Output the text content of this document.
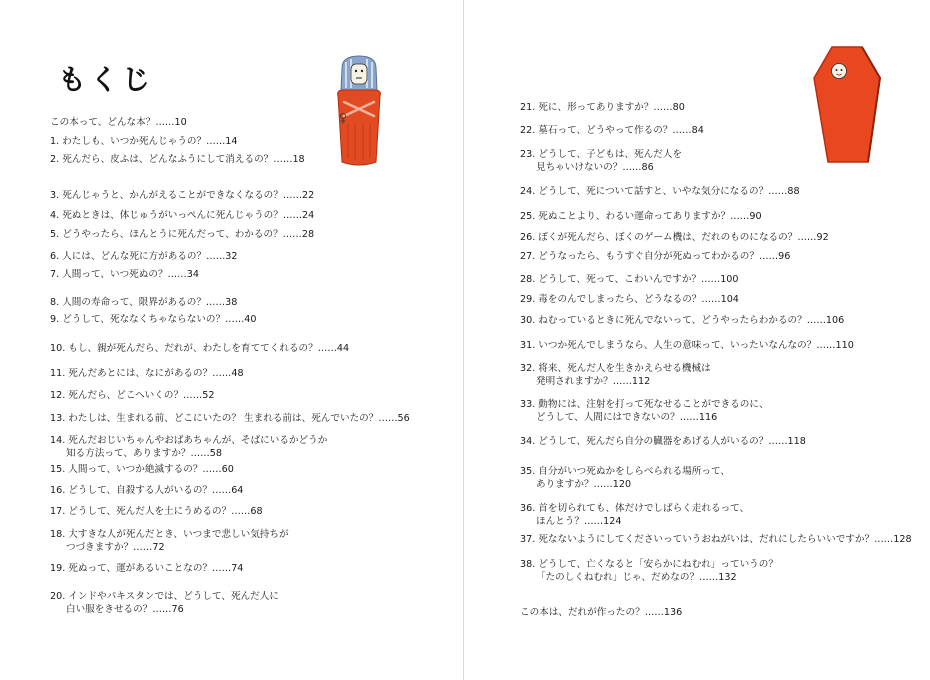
もくじ
この本って、どんな本？……10
1. わたしも、いつか死んじゃうの？……14
2. 死んだら、皮ふは、どんなふうにして消えるの？……18
3. 死んじゃうと、かんがえることができなくなるの？……22
4. 死ぬときは、体じゅうがいっぺんに死んじゃうの？……24
5. どうやったら、ほんとうに死んだって、わかるの？……28
6. 人には、どんな死に方があるの？……32
7. 人間って、いつ死ぬの？……34
8. 人間の寿命って、限界があるの？……38
9. どうして、死ななくちゃならないの？……40
10. もし、親が死んだら、だれが、わたしを育ててくれるの？……44
11. 死んだあとには、なにがあるの？……48
12. 死んだら、どこへいくの？……52
13. わたしは、生まれる前、どこにいたの？ 生まれる前は、死んでいたの？……56
14. 死んだおじいちゃんやおばあちゃんが、そばにいるかどうか
知る方法って、ありますか？……58
15. 人間って、いつか絶滅するの？……60
16. どうして、自殺する人がいるの？……64
17. どうして、死んだ人を土にうめるの？……68
18. 大すきな人が死んだとき、いつまで悲しい気持ちが
つづきますか？……72
19. 死ぬって、運があるいことなの？……74
20. インドやパキスタンでは、どうして、死んだ人に
白い服をきせるの？……76
21. 死に、形ってありますか？……80
22. 墓石って、どうやって作るの？……84
23. どうして、子どもは、死んだ人を
見ちゃいけないの？……86
24. どうして、死について話すと、いやな気分になるの？……88
25. 死ぬことより、わるい運命ってありますか？……90
26. ぼくが死んだら、ぼくのゲーム機は、だれのものになるの？……92
27. どうなったら、もうすぐ自分が死ぬってわかるの？……96
28. どうして、死って、こわいんですか？……100
29. 毒をのんでしまったら、どうなるの？……104
30. ねむっているときに死んでないって、どうやったらわかるの？……106
31. いつか死んでしまうなら、人生の意味って、いったいなんなの？……110
32. 将来、死んだ人を生きかえらせる機械は
発明されますか？……112
33. 動物には、注射を打って死なせることができるのに、
どうして、人間にはできないの？……116
34. どうして、死んだら自分の臓器をあげる人がいるの？……118
35. 自分がいつ死ぬかをしらべられる場所って、
ありますか？……120
36. 首を切られても、体だけでしばらく走れるって、
ほんとう？……124
37. 死なないようにしてくださいっていうおねがいは、だれにしたらいいですか？……128
38. どうして、亡くなると「安らかにねむれ」っていうの？
「たのしくねむれ」じゃ、だめなの？……132
この本は、だれが作ったの？……136
